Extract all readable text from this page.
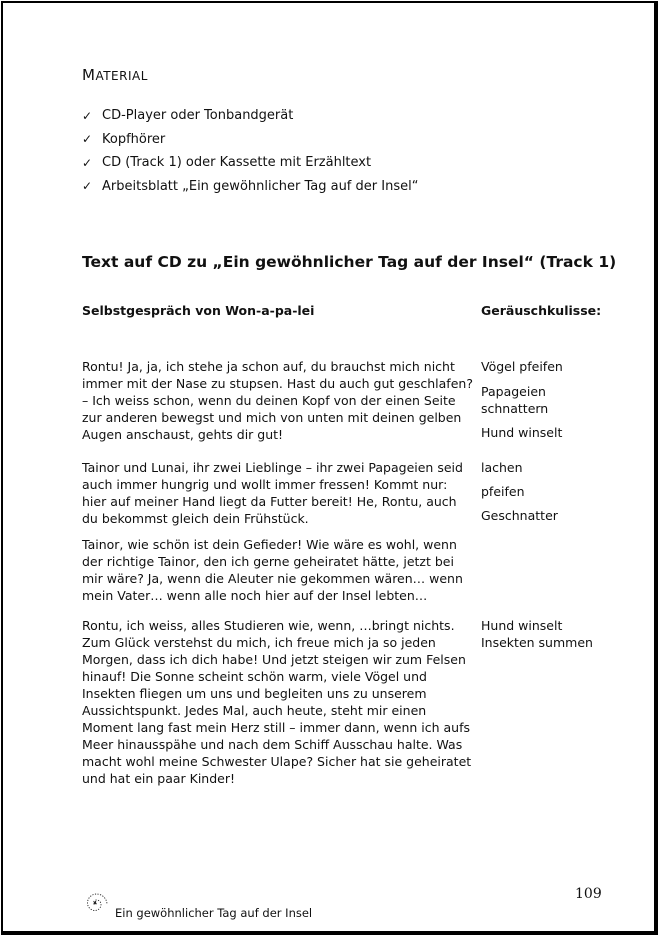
MATERIAL
✓ CD-Player oder Tonbandgerät
✓ Kopfhörer
✓ CD (Track 1) oder Kassette mit Erzähltext
✓ Arbeitsblatt „Ein gewöhnlicher Tag auf der Insel“
Text auf CD zu „Ein gewöhnlicher Tag auf der Insel“ (Track 1)
Selbstgespräch von Won-a-pa-lei	Geräuschkulisse:
Rontu! Ja, ja, ich stehe ja schon auf, du brauchst mich nicht
immer mit der Nase zu stupsen. Hast du auch gut geschlafen?
– Ich weiss schon, wenn du deinen Kopf von der einen Seite
zur anderen bewegst und mich von unten mit deinen gelben
Augen anschaust, gehts dir gut!
Tainor und Lunai, ihr zwei Lieblinge – ihr zwei Papageien seid
auch immer hungrig und wollt immer fressen! Kommt nur:
hier auf meiner Hand liegt da Futter bereit! He, Rontu, auch
du bekommst gleich dein Frühstück.
Tainor, wie schön ist dein Gefieder! Wie wäre es wohl, wenn
der richtige Tainor, den ich gerne geheiratet hätte, jetzt bei
mir wäre? Ja, wenn die Aleuter nie gekommen wären… wenn
mein Vater… wenn alle noch hier auf der Insel lebten…
Rontu, ich weiss, alles Studieren wie, wenn, …bringt nichts.
Zum Glück verstehst du mich, ich freue mich ja so jeden
Morgen, dass ich dich habe! Und jetzt steigen wir zum Felsen
hinauf! Die Sonne scheint schön warm, viele Vögel und
Insekten fliegen um uns und begleiten uns zu unserem
Aussichtspunkt. Jedes Mal, auch heute, steht mir einen
Moment lang fast mein Herz still – immer dann, wenn ich aufs
Meer hinausspähe und nach dem Schiff Ausschau halte. Was
macht wohl meine Schwester Ulape? Sicher hat sie geheiratet
und hat ein paar Kinder!
Vögel pfeifen
Papageien
schnattern
Hund winselt
lachen
pfeifen
Geschnatter
Hund winselt
Insekten summen
Ein gewöhnlicher Tag auf der Insel
109
